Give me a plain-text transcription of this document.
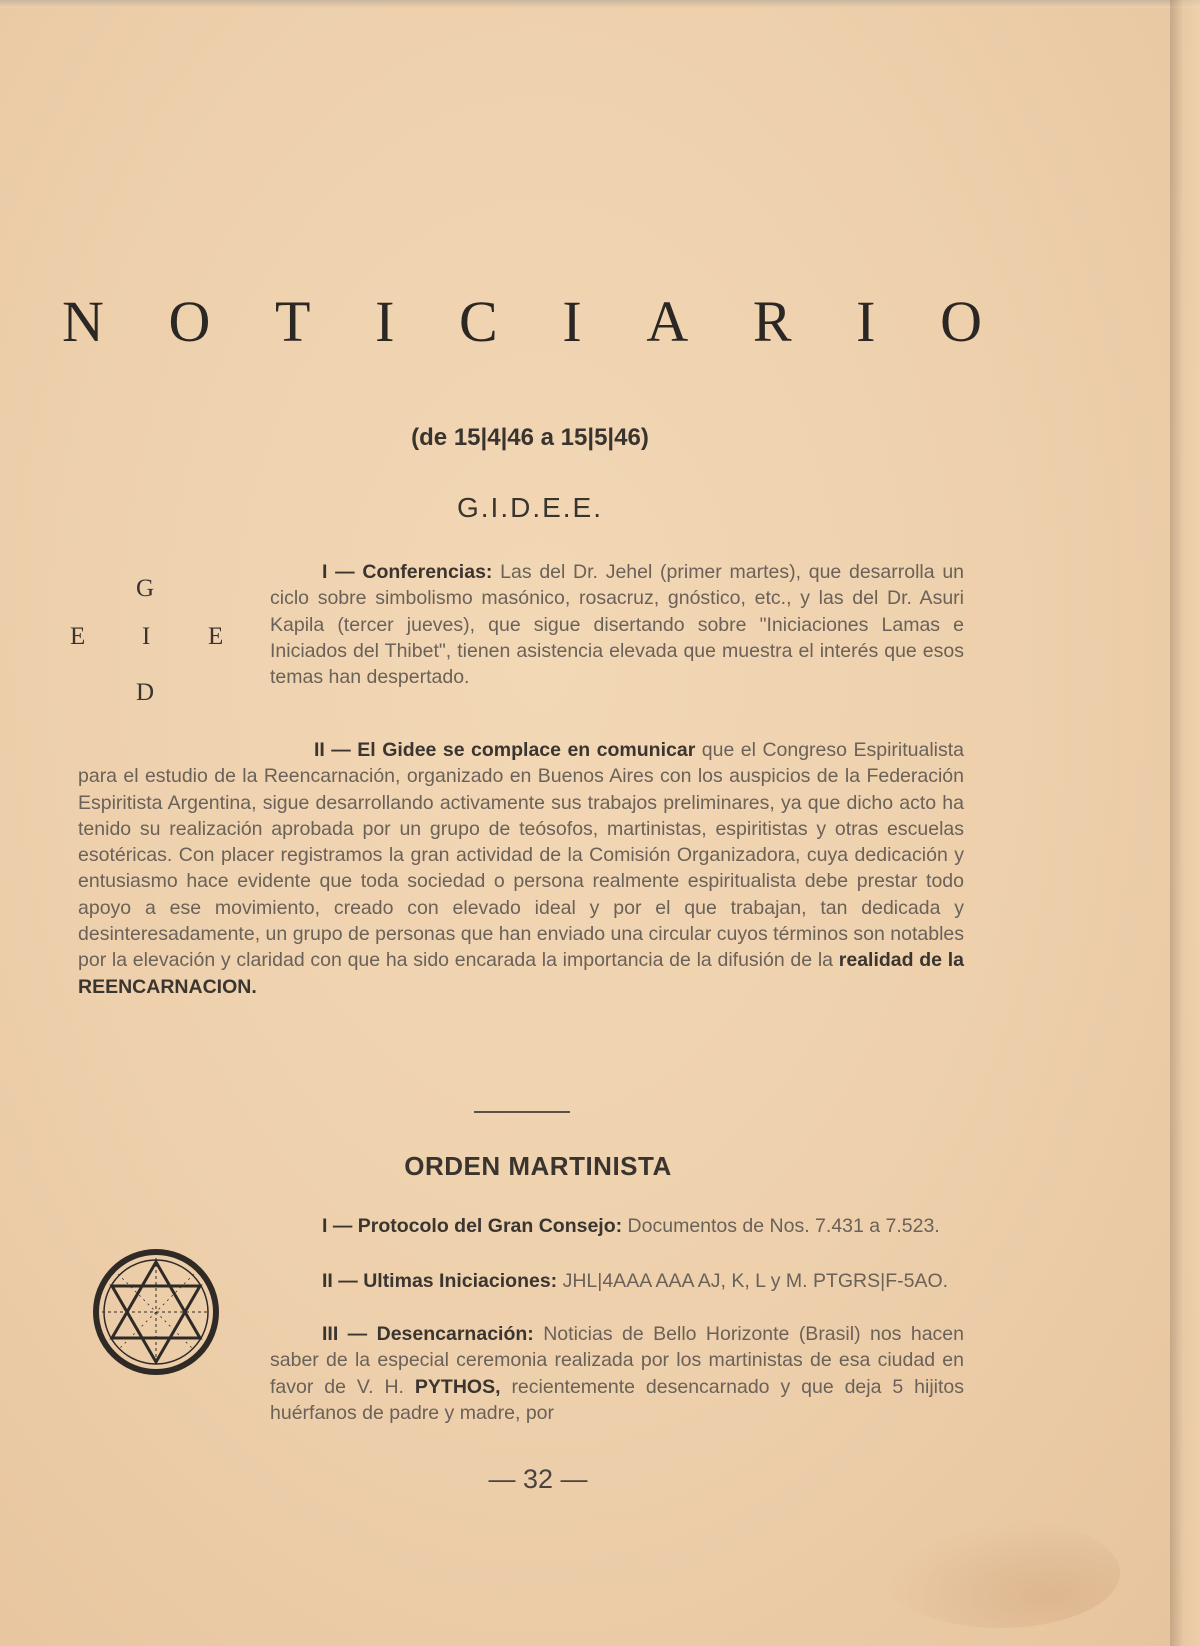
N O T I C I A R I O
(de 15|4|46 a 15|5|46)
G.I.D.E.E.
G
E I E
D

I — Conferencias: Las del Dr. Jehel (primer martes), que desarrolla un ciclo sobre simbolismo masónico, rosacruz, gnóstico, etc., y las del Dr. Asuri Kapila (tercer jueves), que sigue disertando sobre "Iniciaciones Lamas e Iniciados del Thibet", tienen asistencia elevada que muestra el interés que esos temas han despertado.

II — El Gidee se complace en comunicar que el Congreso Espiritualista para el estudio de la Reencarnación, organizado en Buenos Aires con los auspicios de la Federación Espiritista Argentina, sigue desarrollando activamente sus trabajos preliminares, ya que dicho acto ha tenido su realización aprobada por un grupo de teósofos, martinistas, espiritistas y otras escuelas esotéricas. Con placer registramos la gran actividad de la Comisión Organizadora, cuya dedicación y entusiasmo hace evidente que toda sociedad o persona realmente espiritualista debe prestar todo apoyo a ese movimiento, creado con elevado ideal y por el que trabajan, tan dedicada y desinteresadamente, un grupo de personas que han enviado una circular cuyos términos son notables por la elevación y claridad con que ha sido encarada la importancia de la difusión de la realidad de la REENCARNACION.

ORDEN MARTINISTA

I — Protocolo del Gran Consejo: Documentos de Nos. 7.431 a 7.523.

II — Ultimas Iniciaciones: JHL|4AAA AAA AJ, K, L y M. PTGRS|F-5AO.

III — Desencarnación: Noticias de Bello Horizonte (Brasil) nos hacen saber de la especial ceremonia realizada por los martinistas de esa ciudad en favor de V. H. PYTHOS, recientemente desencarnado y que deja 5 hijitos huérfanos de padre y madre, por

— 32 —
